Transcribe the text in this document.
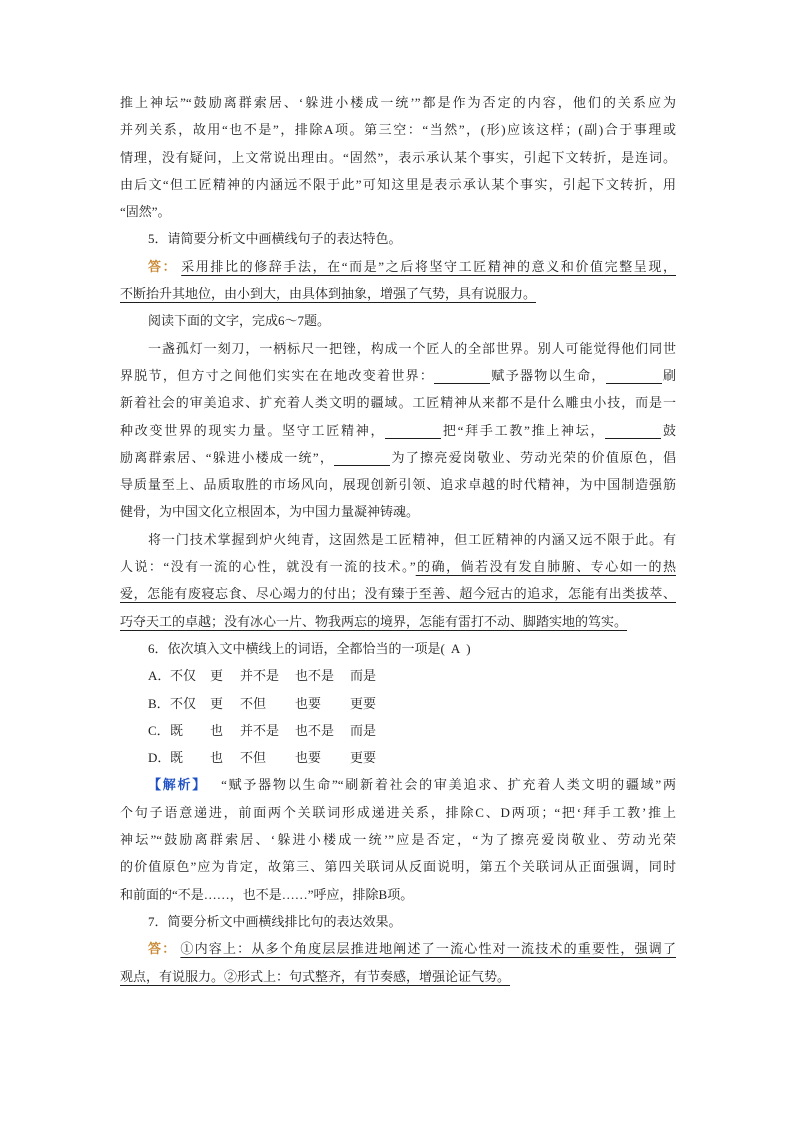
推上神坛”“鼓励离群索居、‘躲进小楼成一统’”都是作为否定的内容，他们的关系应为
并列关系，故用“也不是”，排除A项。第三空：“当然”，(形)应该这样；(副)合于事理或
情理，没有疑问，上文常说出理由。“固然”，表示承认某个事实，引起下文转折，是连词。
由后文“但工匠精神的内涵远不限于此”可知这里是表示承认某个事实，引起下文转折，用
“固然”。
5．请简要分析文中画横线句子的表达特色。
答： 采用排比的修辞手法，在“而是”之后将坚守工匠精神的意义和价值完整呈现，
不断抬升其地位，由小到大，由具体到抽象，增强了气势，具有说服力。
阅读下面的文字，完成6～7题。
一盏孤灯一刻刀，一柄标尺一把锉，构成一个匠人的全部世界。别人可能觉得他们同世
界脱节，但方寸之间他们实实在在地改变着世界：	赋予器物以生命，	刷
新着社会的审美追求、扩充着人类文明的疆域。工匠精神从来都不是什么雕虫小技，而是一
种改变世界的现实力量。坚守工匠精神，	把“拜手工教”推上神坛，	鼓
励离群索居、“躲进小楼成一统”，	为了擦亮爱岗敬业、劳动光荣的价值原色，倡
导质量至上、品质取胜的市场风向，展现创新引领、追求卓越的时代精神，为中国制造强筋
健骨，为中国文化立根固本，为中国力量凝神铸魂。
将一门技术掌握到炉火纯青，这固然是工匠精神，但工匠精神的内涵又远不限于此。有
人说：“没有一流的心性，就没有一流的技术。”的确，倘若没有发自肺腑、专心如一的热
爱，怎能有废寝忘食、尽心竭力的付出；没有臻于至善、超今冠古的追求，怎能有出类拔萃、
巧夺天工的卓越；没有冰心一片、物我两忘的境界，怎能有雷打不动、脚踏实地的笃实。
6．依次填入文中横线上的词语，全都恰当的一项是( A )
A．不仅 更 并不是 也不是 而是
B．不仅 更 不但 也要 更要
C．既 也 并不是 也不是 而是
D．既 也 不但 也要 更要
【解析】 “赋予器物以生命”“刷新着社会的审美追求、扩充着人类文明的疆域”两
个句子语意递进，前面两个关联词形成递进关系，排除C、D两项；“把‘拜手工教’推上
神坛”“鼓励离群索居、‘躲进小楼成一统’”应是否定，“为了擦亮爱岗敬业、劳动光荣
的价值原色”应为肯定，故第三、第四关联词从反面说明，第五个关联词从正面强调，同时
和前面的“不是……，也不是……”呼应，排除B项。
7．简要分析文中画横线排比句的表达效果。
答： ①内容上：从多个角度层层推进地阐述了一流心性对一流技术的重要性，强调了
观点，有说服力。②形式上：句式整齐，有节奏感，增强论证气势。
